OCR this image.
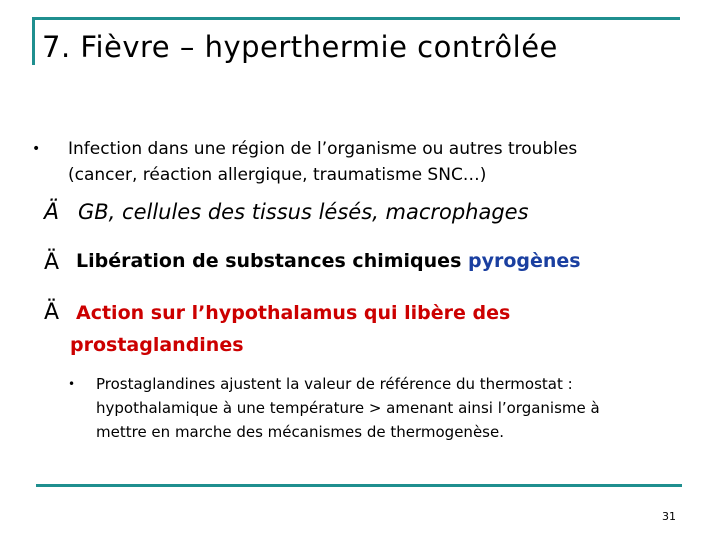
7. Fièvre – hyperthermie contrôlée
• Infection dans une région de l’organisme ou autres troubles
(cancer, réaction allergique, traumatisme SNC…)
Ä GB, cellules des tissus lésés, macrophages
Ä Libération de substances chimiques pyrogènes
Ä Action sur l’hypothalamus qui libère des
prostaglandines
• Prostaglandines ajustent la valeur de référence du thermostat :
hypothalamique à une température > amenant ainsi l’organisme à
mettre en marche des mécanismes de thermogenèse.
31
